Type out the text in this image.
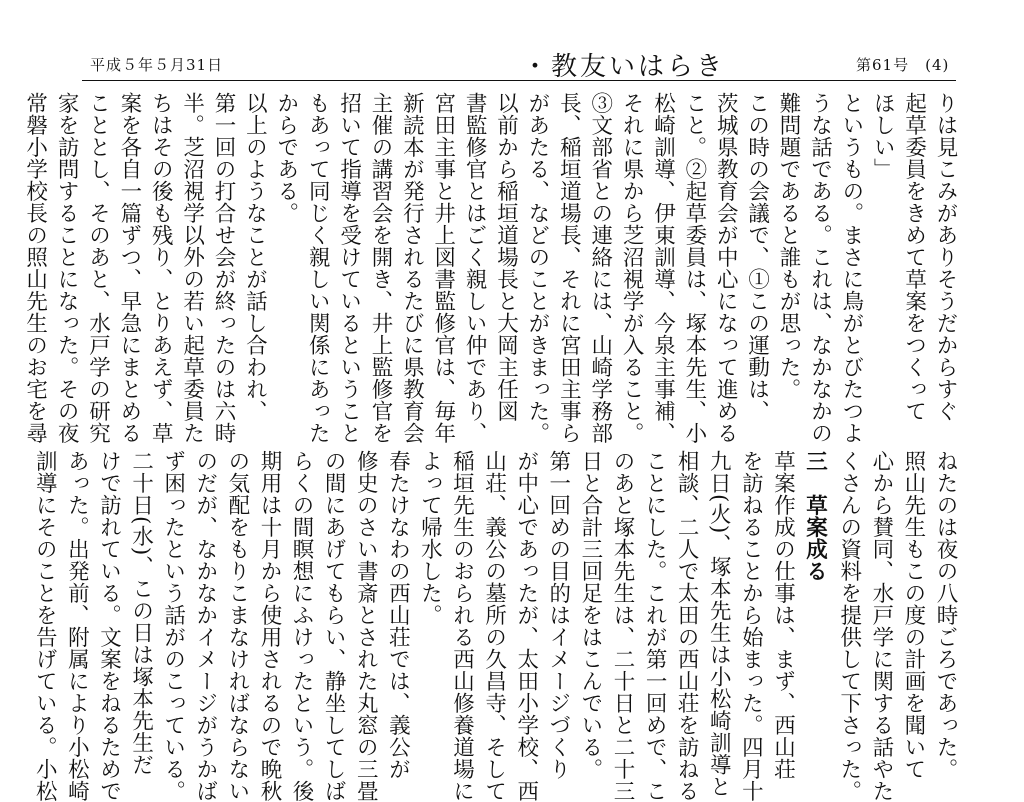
平成５年５月31日	・教友いはらき	第61号　(4)
りは見こみがありそうだからすぐ
起草委員をきめて草案をつくって
ほしい」
というもの。まさに鳥がとびたつよ
うな話である。これは、なかなかの
難問題であると誰もが思った。
この時の会議で、①この運動は、
茨城県教育会が中心になって進める
こと。②起草委員は、塚本先生、小
松崎訓導、伊東訓導、今泉主事補、
それに県から芝沼視学が入ること。
③文部省との連絡には、山崎学務部
長、稲垣道場長、それに宮田主事ら
があたる、などのことがきまった。
以前から稲垣道場長と大岡主任図
書監修官とはごく親しい仲であり、
宮田主事と井上図書監修官は、毎年
新読本が発行されるたびに県教育会
主催の講習会を開き、井上監修官を
招いて指導を受けているということ
もあって同じく親しい関係にあった
からである。
以上のようなことが話し合われ、
第一回の打合せ会が終ったのは六時
半。芝沼視学以外の若い起草委員た
ちはその後も残り、とりあえず、草
案を各自一篇ずつ、早急にまとめる
こととし、そのあと、水戸学の研究
家を訪問することになった。その夜
常磐小学校長の照山先生のお宅を尋
ねたのは夜の八時ごろであった。
照山先生もこの度の計画を聞いて
心から賛同、水戸学に関する話やた
くさんの資料を提供して下さった。
三　草案成る
草案作成の仕事は、まず、西山荘
を訪ねることから始まった。四月十
九日(火)、塚本先生は小松崎訓導と
相談、二人で太田の西山荘を訪ねる
ことにした。これが第一回めで、こ
のあと塚本先生は、二十日と二十三
日と合計三回足をはこんでいる。
第一回めの目的はイメージづくり
が中心であったが、太田小学校、西
山荘、義公の墓所の久昌寺、そして
稲垣先生のおられる西山修養道場に
よって帰水した。
春たけなわの西山荘では、義公が
修史のさい書斎とされた丸窓の三畳
の間にあげてもらい、静坐してしば
らくの間瞑想にふけったという。後
期用は十月から使用されるので晩秋
の気配をもりこまなければならない
のだが、なかなかイメージがうかば
ず困ったという話がのこっている。
二十日(水)、この日は塚本先生だ
けで訪れている。文案をねるためで
あった。出発前、附属により小松崎
訓導にそのことを告げている。小松
